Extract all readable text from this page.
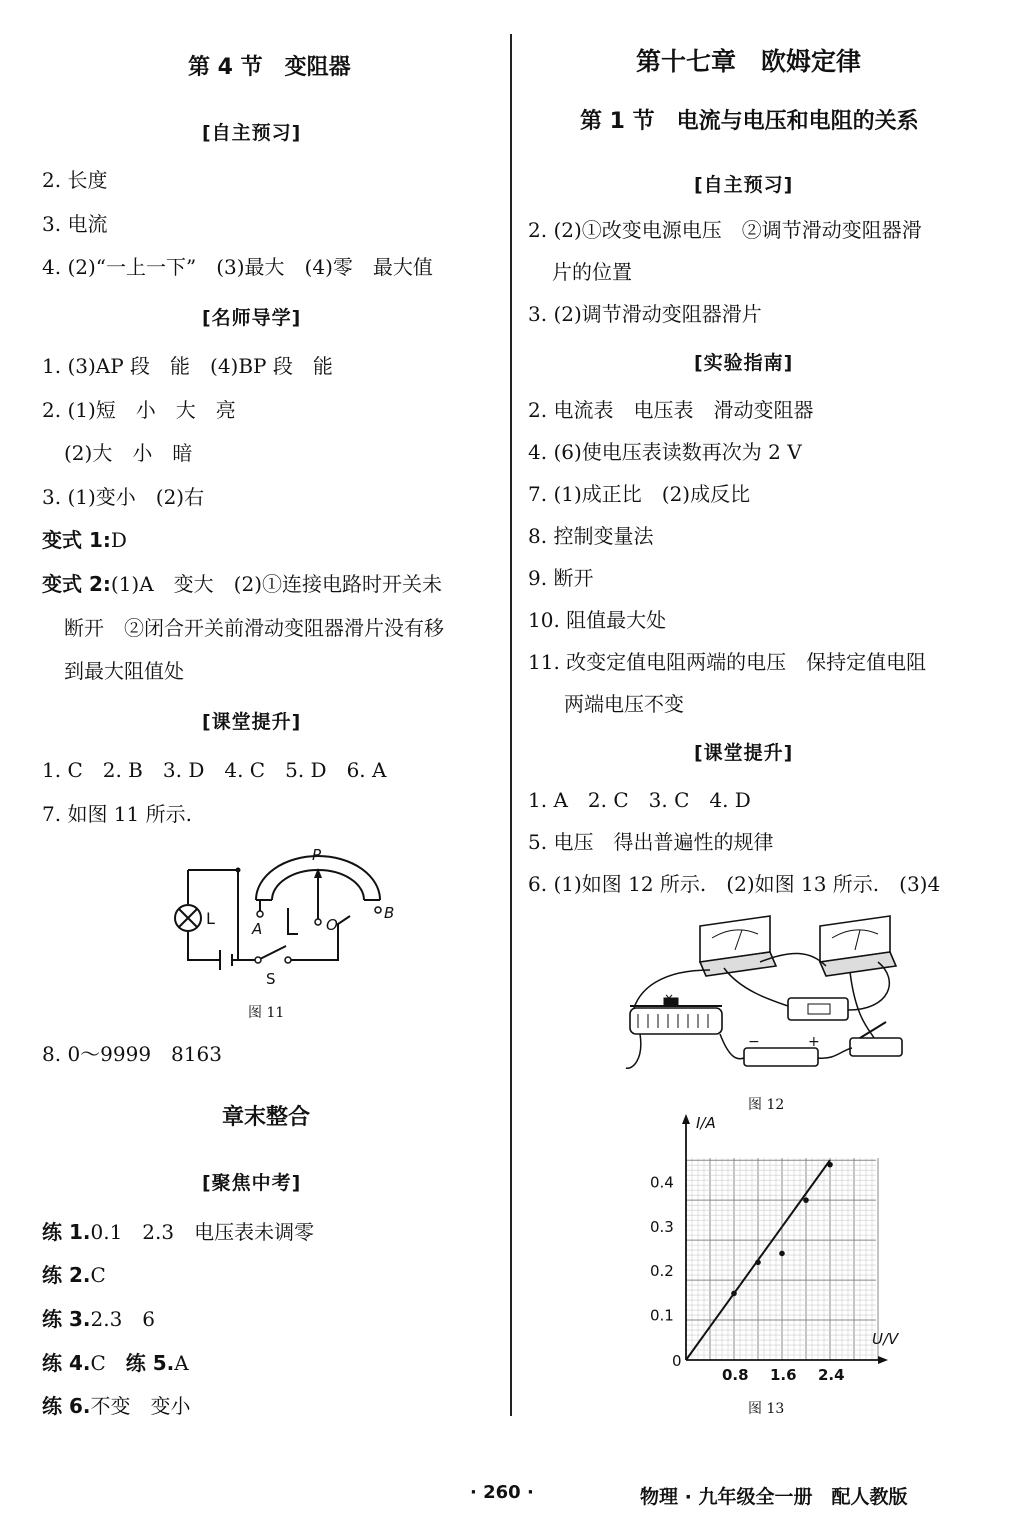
第 4 节　变阻器
[自主预习]
2. 长度
3. 电流
4. (2)“一上一下”　(3)最大　(4)零　最大值
[名师导学]
1. (3)AP 段　能　(4)BP 段　能
2. (1)短　小　大　亮
(2)大　小　暗
3. (1)变小　(2)右
变式 1:D
变式 2:(1)A　变大　(2)①连接电路时开关未
断开　②闭合开关前滑动变阻器滑片没有移
到最大阻值处
[课堂提升]
1. C　2. B　3. D　4. C　5. D　6. A
7. 如图 11 所示.
P
A	O
B
L
S
图 11
8. 0～9999　8163
章末整合
[聚焦中考]
练 1.0.1　2.3　电压表未调零
练 2.C
练 3.2.3　6
练 4.C　练 5.A
练 6.不变　变小
第十七章　欧姆定律
第 1 节　电流与电压和电阻的关系
[自主预习]
2. (2)①改变电源电压　②调节滑动变阻器滑
片的位置
3. (2)调节滑动变阻器滑片
[实验指南]
2. 电流表　电压表　滑动变阻器
4. (6)使电压表读数再次为 2 V
7. (1)成正比　(2)成反比
8. 控制变量法
9. 断开
10. 阻值最大处
11. 改变定值电阻两端的电压　保持定值电阻
两端电压不变
[课堂提升]
1. A　2. C　3. C　4. D
5. 电压　得出普遍性的规律
6. (1)如图 12 所示.　(2)如图 13 所示.　(3)4
×
−	+
图 12
I/A
U/V
0
0.8 1.6 2.4
0.1
0.2
0.3
0.4
图 13
· 260 ·	物理 · 九年级全一册　配人教版
